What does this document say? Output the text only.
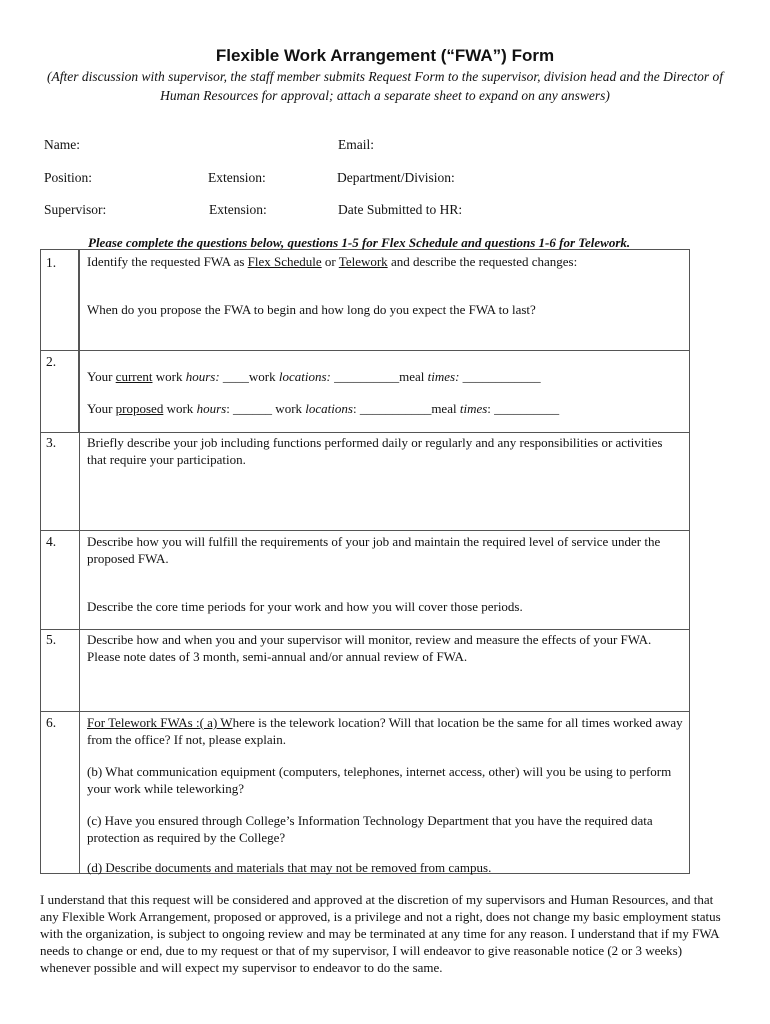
Flexible Work Arrangement (“FWA”) Form
(After discussion with supervisor, the staff member submits Request Form to the supervisor, division head and the Director of Human Resources for approval; attach a separate sheet to expand on any answers)
Name:	Email:
Position:	Extension:	Department/Division:
Supervisor:	Extension:	Date Submitted to HR:
Please complete the questions below, questions 1-5 for Flex Schedule and questions 1-6 for Telework.
1. Identify the requested FWA as Flex Schedule or Telework and describe the requested changes:

When do you propose the FWA to begin and how long do you expect the FWA to last?

2.

Your current work hours: ____work locations: __________meal times: ____________

Your proposed work hours: ______ work locations: ___________meal times: __________

3. Briefly describe your job including functions performed daily or regularly and any responsibilities or activities that require your participation.

4. Describe how you will fulfill the requirements of your job and maintain the required level of service under the proposed FWA.

Describe the core time periods for your work and how you will cover those periods.

5. Describe how and when you and your supervisor will monitor, review and measure the effects of your FWA. Please note dates of 3 month, semi-annual and/or annual review of FWA.

6. For Telework FWAs :( a) Where is the telework location? Will that location be the same for all times worked away from the office? If not, please explain.

(b) What communication equipment (computers, telephones, internet access, other) will you be using to perform your work while teleworking?

(c) Have you ensured through College’s Information Technology Department that you have the required data protection as required by the College?

(d) Describe documents and materials that may not be removed from campus.

I understand that this request will be considered and approved at the discretion of my supervisors and Human Resources, and that any Flexible Work Arrangement, proposed or approved, is a privilege and not a right, does not change my basic employment status with the organization, is subject to ongoing review and may be terminated at any time for any reason. I understand that if my FWA needs to change or end, due to my request or that of my supervisor, I will endeavor to give reasonable notice (2 or 3 weeks) whenever possible and will expect my supervisor to endeavor to do the same.
